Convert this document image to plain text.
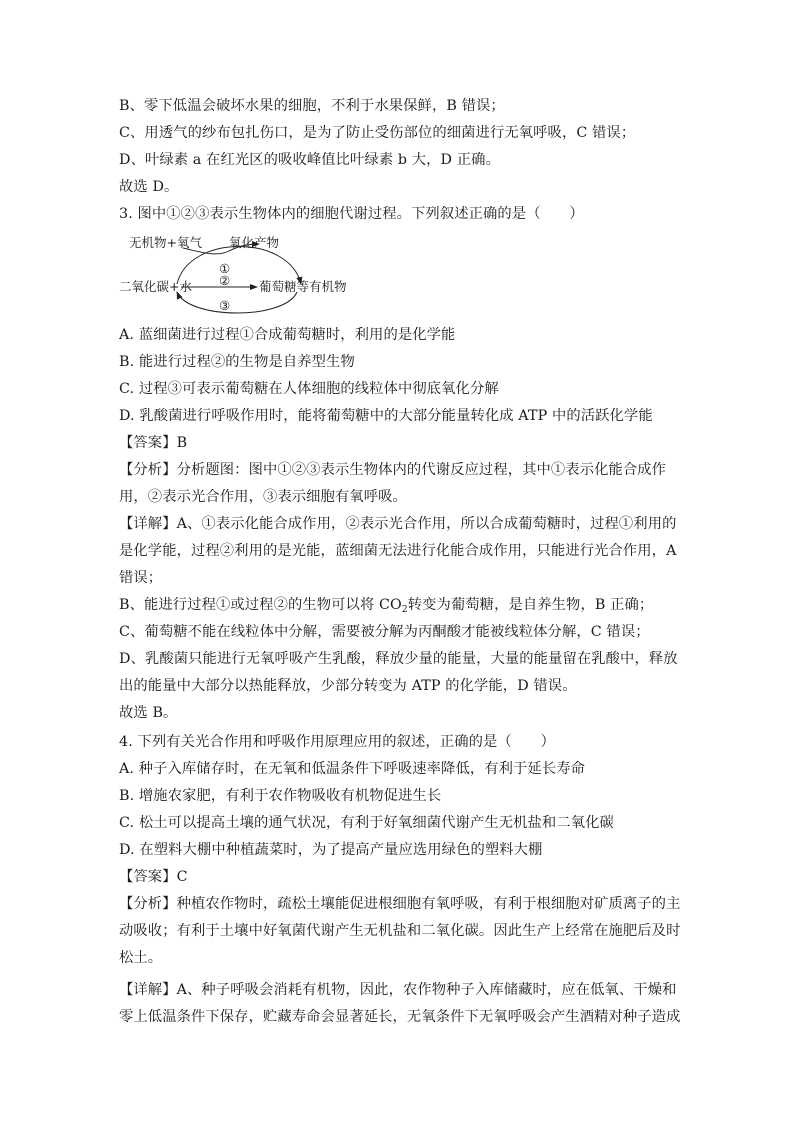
B、零下低温会破坏水果的细胞，不利于水果保鲜，B 错误；
C、用透气的纱布包扎伤口，是为了防止受伤部位的细菌进行无氧呼吸，C 错误；
D、叶绿素 a 在红光区的吸收峰值比叶绿素 b 大，D 正确。
故选 D。
3. 图中①②③表示生物体内的细胞代谢过程。下列叙述正确的是（　　）
无机物+氧气 氧化产物
二氧化碳+水	葡萄糖等有机物
①
②
③
A. 蓝细菌进行过程①合成葡萄糖时，利用的是化学能
B. 能进行过程②的生物是自养型生物
C. 过程③可表示葡萄糖在人体细胞的线粒体中彻底氧化分解
D. 乳酸菌进行呼吸作用时，能将葡萄糖中的大部分能量转化成 ATP 中的活跃化学能
【答案】B
【分析】分析题图：图中①②③表示生物体内的代谢反应过程，其中①表示化能合成作
用，②表示光合作用，③表示细胞有氧呼吸。
【详解】A、①表示化能合成作用，②表示光合作用，所以合成葡萄糖时，过程①利用的
是化学能，过程②利用的是光能，蓝细菌无法进行化能合成作用，只能进行光合作用，A
错误；
B、能进行过程①或过程②的生物可以将 $CO_2$转变为葡萄糖，是自养生物，B 正确；
C、葡萄糖不能在线粒体中分解，需要被分解为丙酮酸才能被线粒体分解，C 错误；
D、乳酸菌只能进行无氧呼吸产生乳酸，释放少量的能量，大量的能量留在乳酸中，释放
出的能量中大部分以热能释放，少部分转变为 ATP 的化学能，D 错误。
故选 B。
4. 下列有关光合作用和呼吸作用原理应用的叙述，正确的是（　　）
A. 种子入库储存时，在无氧和低温条件下呼吸速率降低，有利于延长寿命
B. 增施农家肥，有利于农作物吸收有机物促进生长
C. 松土可以提高土壤的通气状况，有利于好氧细菌代谢产生无机盐和二氧化碳
D. 在塑料大棚中种植蔬菜时，为了提高产量应选用绿色的塑料大棚
【答案】C
【分析】种植农作物时，疏松土壤能促进根细胞有氧呼吸，有利于根细胞对矿质离子的主
动吸收；有利于土壤中好氧菌代谢产生无机盐和二氧化碳。因此生产上经常在施肥后及时
松土。
【详解】A、种子呼吸会消耗有机物，因此，农作物种子入库储藏时，应在低氧、干燥和
零上低温条件下保存，贮藏寿命会显著延长，无氧条件下无氧呼吸会产生酒精对种子造成
